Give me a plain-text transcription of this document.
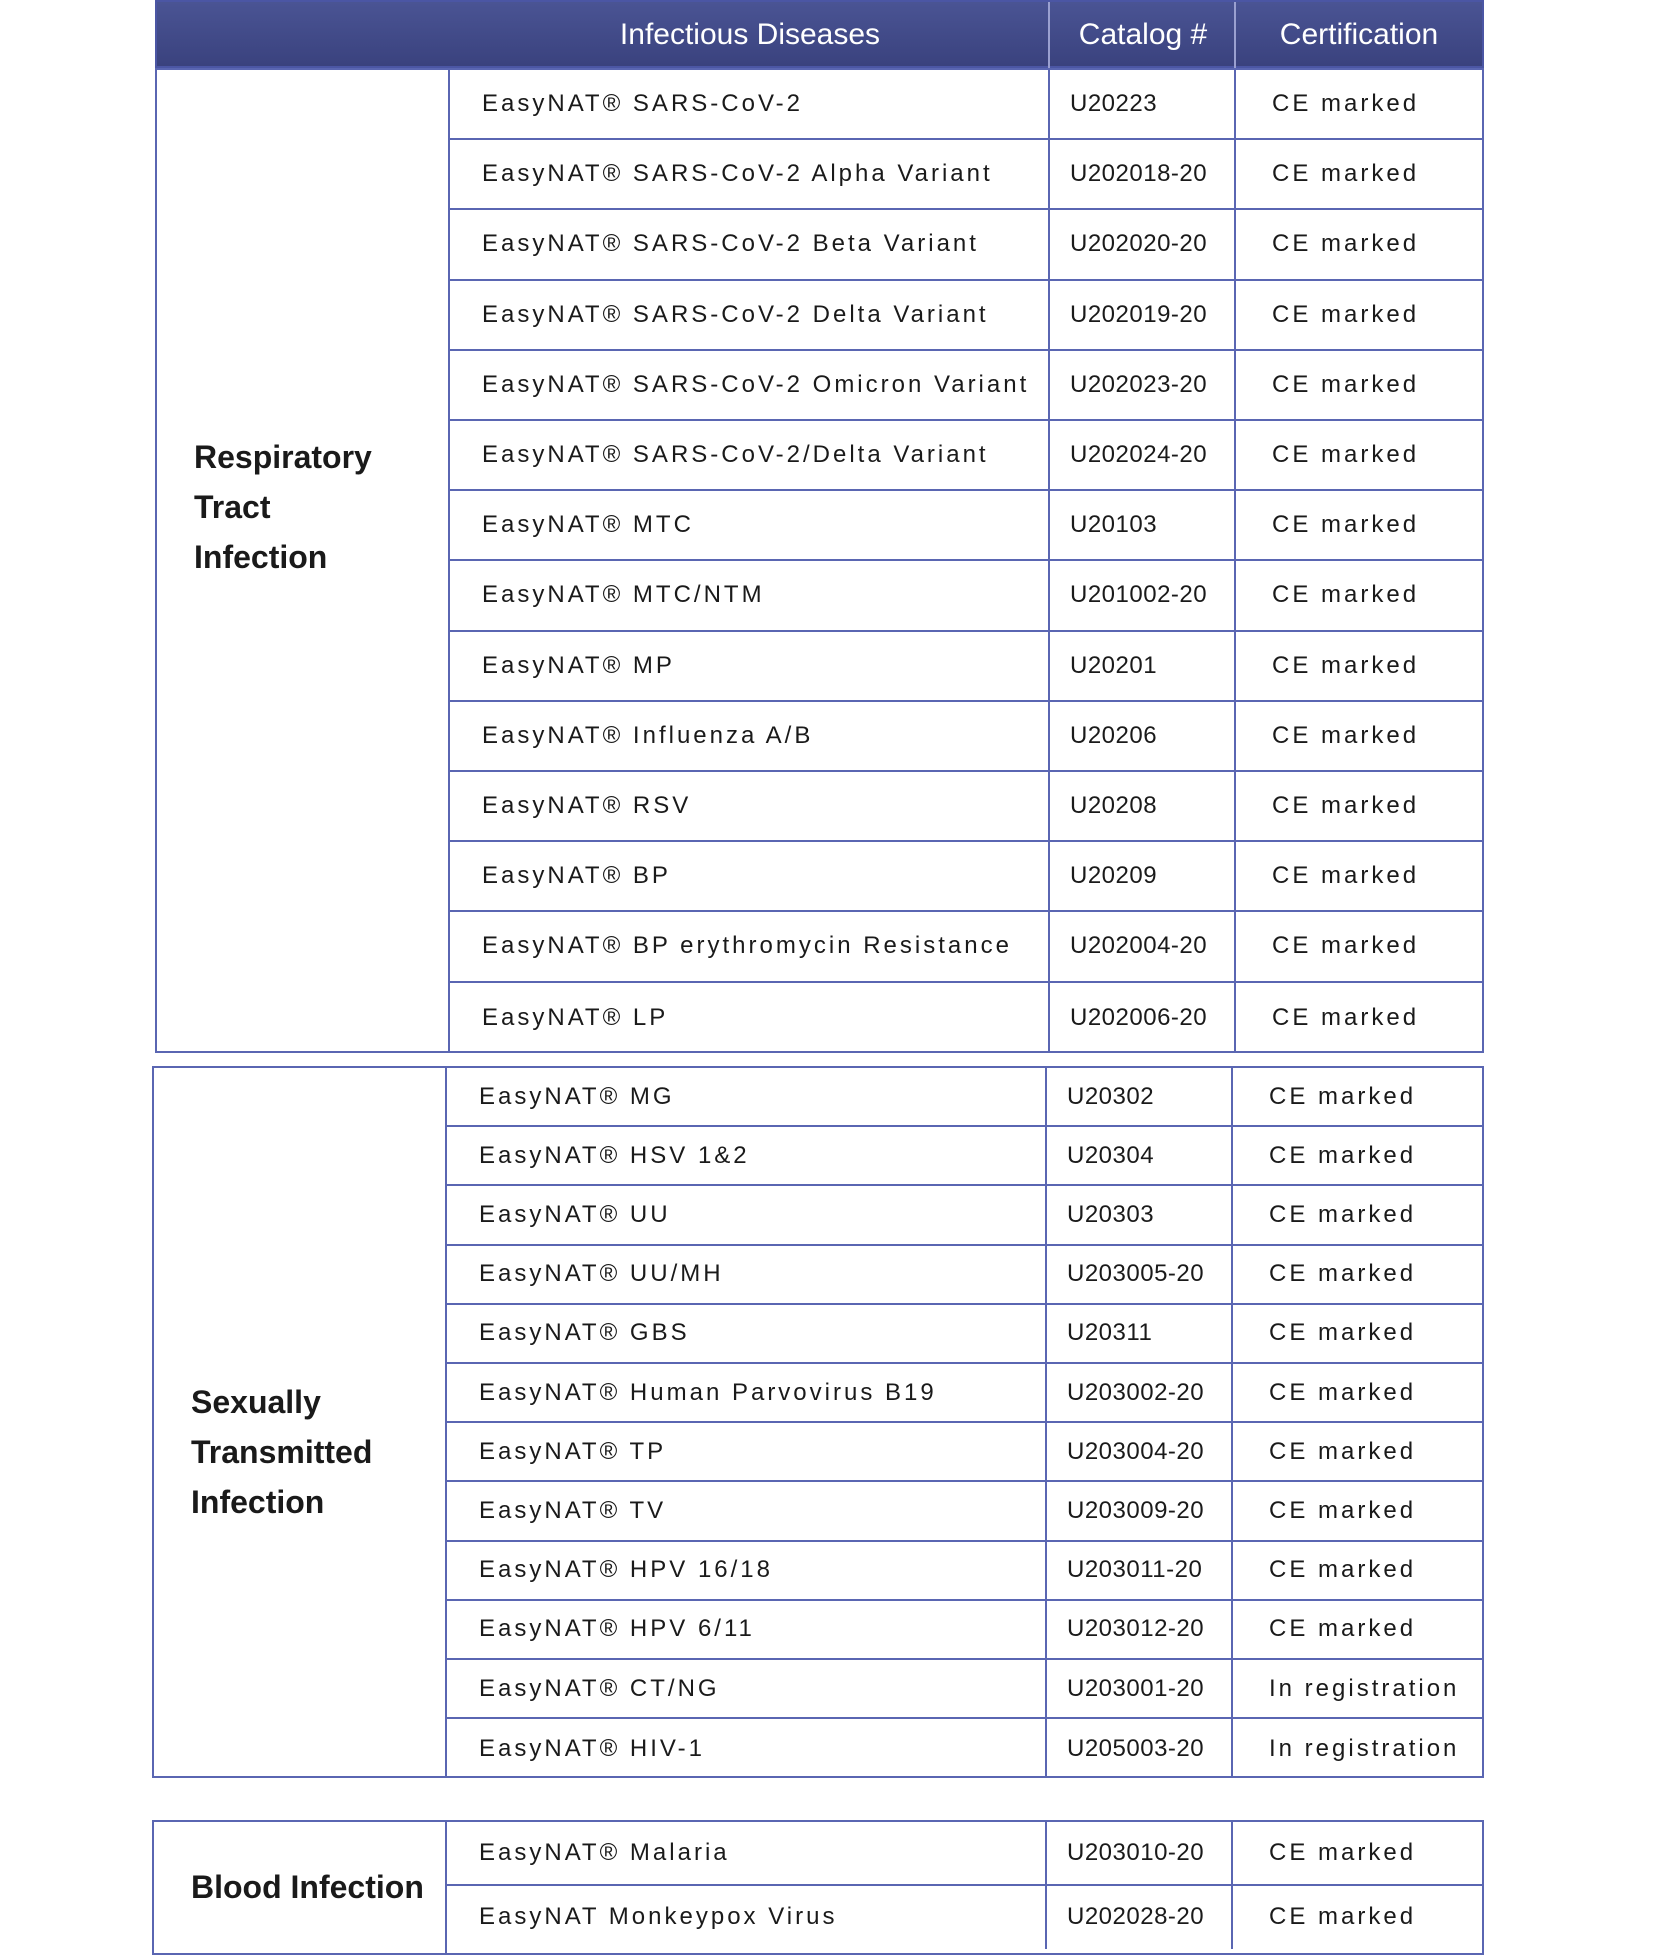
Infectious Diseases	Catalog #	Certification
Respiratory
Tract
Infection
EasyNAT® SARS-CoV-2	U20223	CE marked
EasyNAT® SARS-CoV-2 Alpha Variant	U202018-20	CE marked
EasyNAT® SARS-CoV-2 Beta Variant	U202020-20	CE marked
EasyNAT® SARS-CoV-2 Delta Variant	U202019-20	CE marked
EasyNAT® SARS-CoV-2 Omicron Variant	U202023-20	CE marked
EasyNAT® SARS-CoV-2/Delta Variant	U202024-20	CE marked
EasyNAT® MTC	U20103	CE marked
EasyNAT® MTC/NTM	U201002-20	CE marked
EasyNAT® MP	U20201	CE marked
EasyNAT® Influenza A/B	U20206	CE marked
EasyNAT® RSV	U20208	CE marked
EasyNAT® BP	U20209	CE marked
EasyNAT® BP erythromycin Resistance	U202004-20	CE marked
EasyNAT® LP	U202006-20	CE marked
Sexually
Transmitted
Infection
EasyNAT® MG	U20302	CE marked
EasyNAT® HSV 1&2	U20304	CE marked
EasyNAT® UU	U20303	CE marked
EasyNAT® UU/MH	U203005-20	CE marked
EasyNAT® GBS	U20311	CE marked
EasyNAT® Human Parvovirus B19	U203002-20	CE marked
EasyNAT® TP	U203004-20	CE marked
EasyNAT® TV	U203009-20	CE marked
EasyNAT® HPV 16/18	U203011-20	CE marked
EasyNAT® HPV 6/11	U203012-20	CE marked
EasyNAT® CT/NG	U203001-20	In registration
EasyNAT® HIV-1	U205003-20	In registration
Blood Infection
EasyNAT® Malaria	U203010-20	CE marked
EasyNAT Monkeypox Virus	U202028-20	CE marked
